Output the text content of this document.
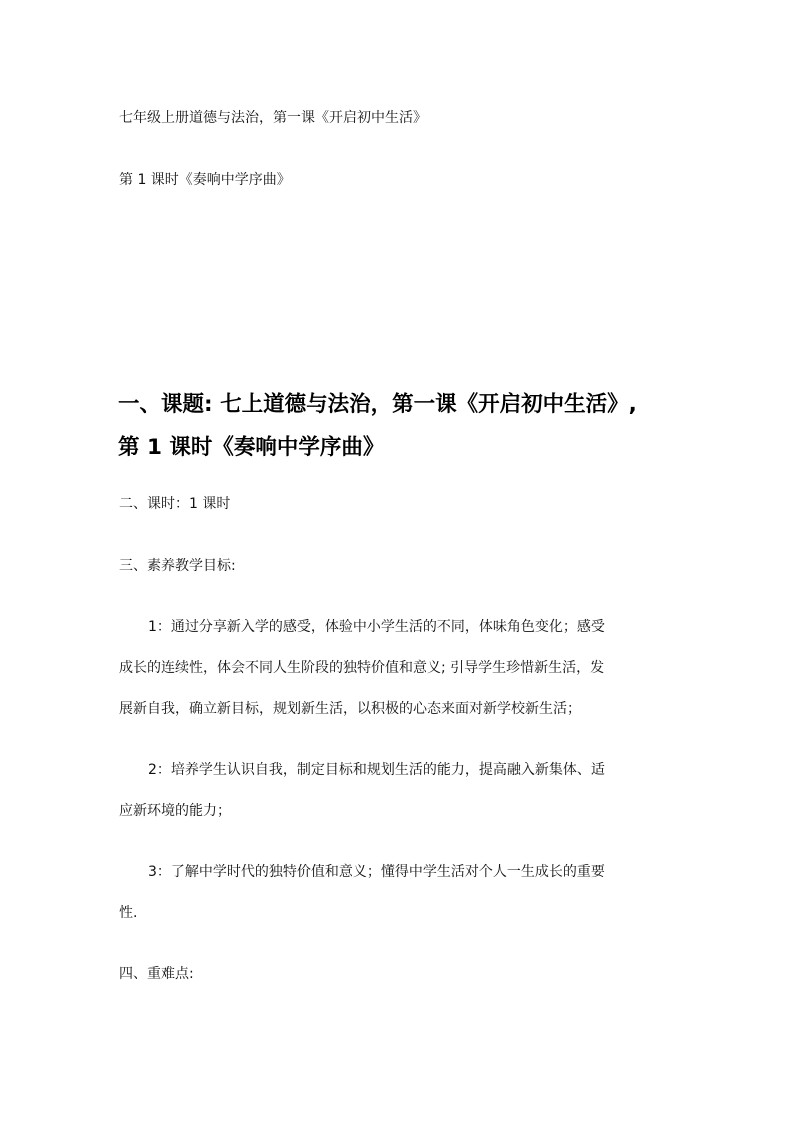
七年级上册道德与法治，第一课《开启初中生活》

第 1 课时《奏响中学序曲》

一、课题: 七上道德与法治，第一课《开启初中生活》,
第 1 课时《奏响中学序曲》

二、课时：1 课时

三、素养教学目标:

1：通过分享新入学的感受，体验中小学生活的不同，体味角色变化；感受

成长的连续性，体会不同人生阶段的独特价值和意义; 引导学生珍惜新生活，发

展新自我，确立新目标，规划新生活，以积极的心态来面对新学校新生活；

2：培养学生认识自我，制定目标和规划生活的能力，提高融入新集体、适

应新环境的能力；

3：了解中学时代的独特价值和意义；懂得中学生活对个人一生成长的重要

性.

四、重难点:
